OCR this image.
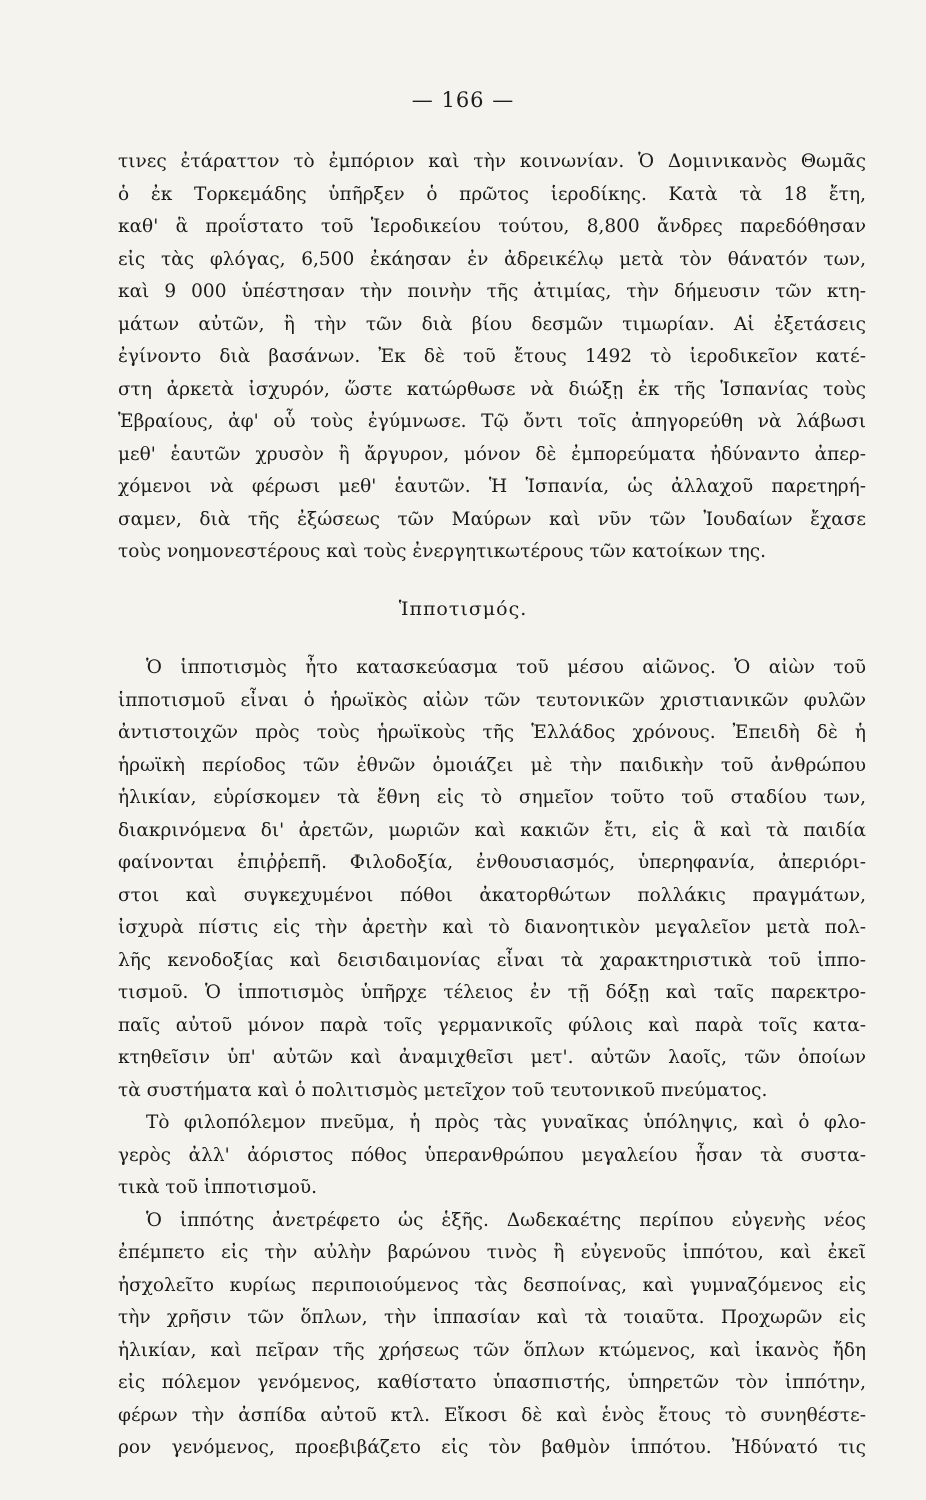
— 166 —
τινες ἐτάραττον τὸ ἐμπόριον καὶ τὴν κοινωνίαν. Ὁ Δομινικανὸς Θωμᾶς
ὁ ἐκ Τορκεμάδης ὑπῆρξεν ὁ πρῶτος ἱεροδίκης. Κατὰ τὰ 18 ἔτη,
καθ' ἃ προΐστατο τοῦ Ἱεροδικείου τούτου, 8,800 ἄνδρες παρεδόθησαν
εἰς τὰς φλόγας, 6,500 ἐκάησαν ἐν ἀδρεικέλῳ μετὰ τὸν θάνατόν των,
καὶ 9 000 ὑπέστησαν τὴν ποινὴν τῆς ἀτιμίας, τὴν δήμευσιν τῶν κτη-
μάτων αὐτῶν, ἢ τὴν τῶν διὰ βίου δεσμῶν τιμωρίαν. Αἱ ἐξετάσεις
ἐγίνοντο διὰ βασάνων. Ἐκ δὲ τοῦ ἔτους 1492 τὸ ἱεροδικεῖον κατέ-
στη ἀρκετὰ ἰσχυρόν, ὥστε κατώρθωσε νὰ διώξῃ ἐκ τῆς Ἱσπανίας τοὺς
Ἑβραίους, ἀφ' οὗ τοὺς ἐγύμνωσε. Τῷ ὄντι τοῖς ἀπηγορεύθη νὰ λάβωσι
μεθ' ἑαυτῶν χρυσὸν ἢ ἄργυρον, μόνον δὲ ἐμπορεύματα ἠδύναντο ἀπερ-
χόμενοι νὰ φέρωσι μεθ' ἑαυτῶν. Ἡ Ἱσπανία, ὡς ἀλλαχοῦ παρετηρή-
σαμεν, διὰ τῆς ἐξώσεως τῶν Μαύρων καὶ νῦν τῶν Ἰουδαίων ἔχασε
τοὺς νοημονεστέρους καὶ τοὺς ἐνεργητικωτέρους τῶν κατοίκων της.
Ἱπποτισμός.
Ὁ ἱπποτισμὸς ἦτο κατασκεύασμα τοῦ μέσου αἰῶνος. Ὁ αἰὼν τοῦ
ἱπποτισμοῦ εἶναι ὁ ἡρωϊκὸς αἰὼν τῶν τευτονικῶν χριστιανικῶν φυλῶν
ἀντιστοιχῶν πρὸς τοὺς ἡρωϊκοὺς τῆς Ἑλλάδος χρόνους. Ἐπειδὴ δὲ ἡ
ἡρωϊκὴ περίοδος τῶν ἐθνῶν ὁμοιάζει μὲ τὴν παιδικὴν τοῦ ἀνθρώπου
ἡλικίαν, εὑρίσκομεν τὰ ἔθνη εἰς τὸ σημεῖον τοῦτο τοῦ σταδίου των,
διακρινόμενα δι' ἀρετῶν, μωριῶν καὶ κακιῶν ἔτι, εἰς ἃ καὶ τὰ παιδία
φαίνονται ἐπιῤῥεπῆ. Φιλοδοξία, ἐνθουσιασμός, ὑπερηφανία, ἀπεριόρι-
στοι καὶ συγκεχυμένοι πόθοι ἀκατορθώτων πολλάκις πραγμάτων,
ἰσχυρὰ πίστις εἰς τὴν ἀρετὴν καὶ τὸ διανοητικὸν μεγαλεῖον μετὰ πολ-
λῆς κενοδοξίας καὶ δεισιδαιμονίας εἶναι τὰ χαρακτηριστικὰ τοῦ ἱππο-
τισμοῦ. Ὁ ἱπποτισμὸς ὑπῆρχε τέλειος ἐν τῇ δόξῃ καὶ ταῖς παρεκτρο-
παῖς αὐτοῦ μόνον παρὰ τοῖς γερμανικοῖς φύλοις καὶ παρὰ τοῖς κατα-
κτηθεῖσιν ὑπ' αὐτῶν καὶ ἀναμιχθεῖσι μετ'. αὐτῶν λαοῖς, τῶν ὁποίων
τὰ συστήματα καὶ ὁ πολιτισμὸς μετεῖχον τοῦ τευτονικοῦ πνεύματος.
Τὸ φιλοπόλεμον πνεῦμα, ἡ πρὸς τὰς γυναῖκας ὑπόληψις, καὶ ὁ φλο-
γερὸς ἀλλ' ἀόριστος πόθος ὑπερανθρώπου μεγαλείου ἦσαν τὰ συστα-
τικὰ τοῦ ἱπποτισμοῦ.
Ὁ ἱππότης ἀνετρέφετο ὡς ἑξῆς. Δωδεκαέτης περίπου εὐγενὴς νέος
ἐπέμπετο εἰς τὴν αὐλὴν βαρώνου τινὸς ἢ εὐγενοῦς ἱππότου, καὶ ἐκεῖ
ἠσχολεῖτο κυρίως περιποιούμενος τὰς δεσποίνας, καὶ γυμναζόμενος εἰς
τὴν χρῆσιν τῶν ὅπλων, τὴν ἱππασίαν καὶ τὰ τοιαῦτα. Προχωρῶν εἰς
ἡλικίαν, καὶ πεῖραν τῆς χρήσεως τῶν ὅπλων κτώμενος, καὶ ἱκανὸς ἤδη
εἰς πόλεμον γενόμενος, καθίστατο ὑπασπιστής, ὑπηρετῶν τὸν ἱππότην,
φέρων τὴν ἀσπίδα αὐτοῦ κτλ. Εἴκοσι δὲ καὶ ἑνὸς ἔτους τὸ συνηθέστε-
ρον γενόμενος, προεβιβάζετο εἰς τὸν βαθμὸν ἱππότου. Ἠδύνατό τις
